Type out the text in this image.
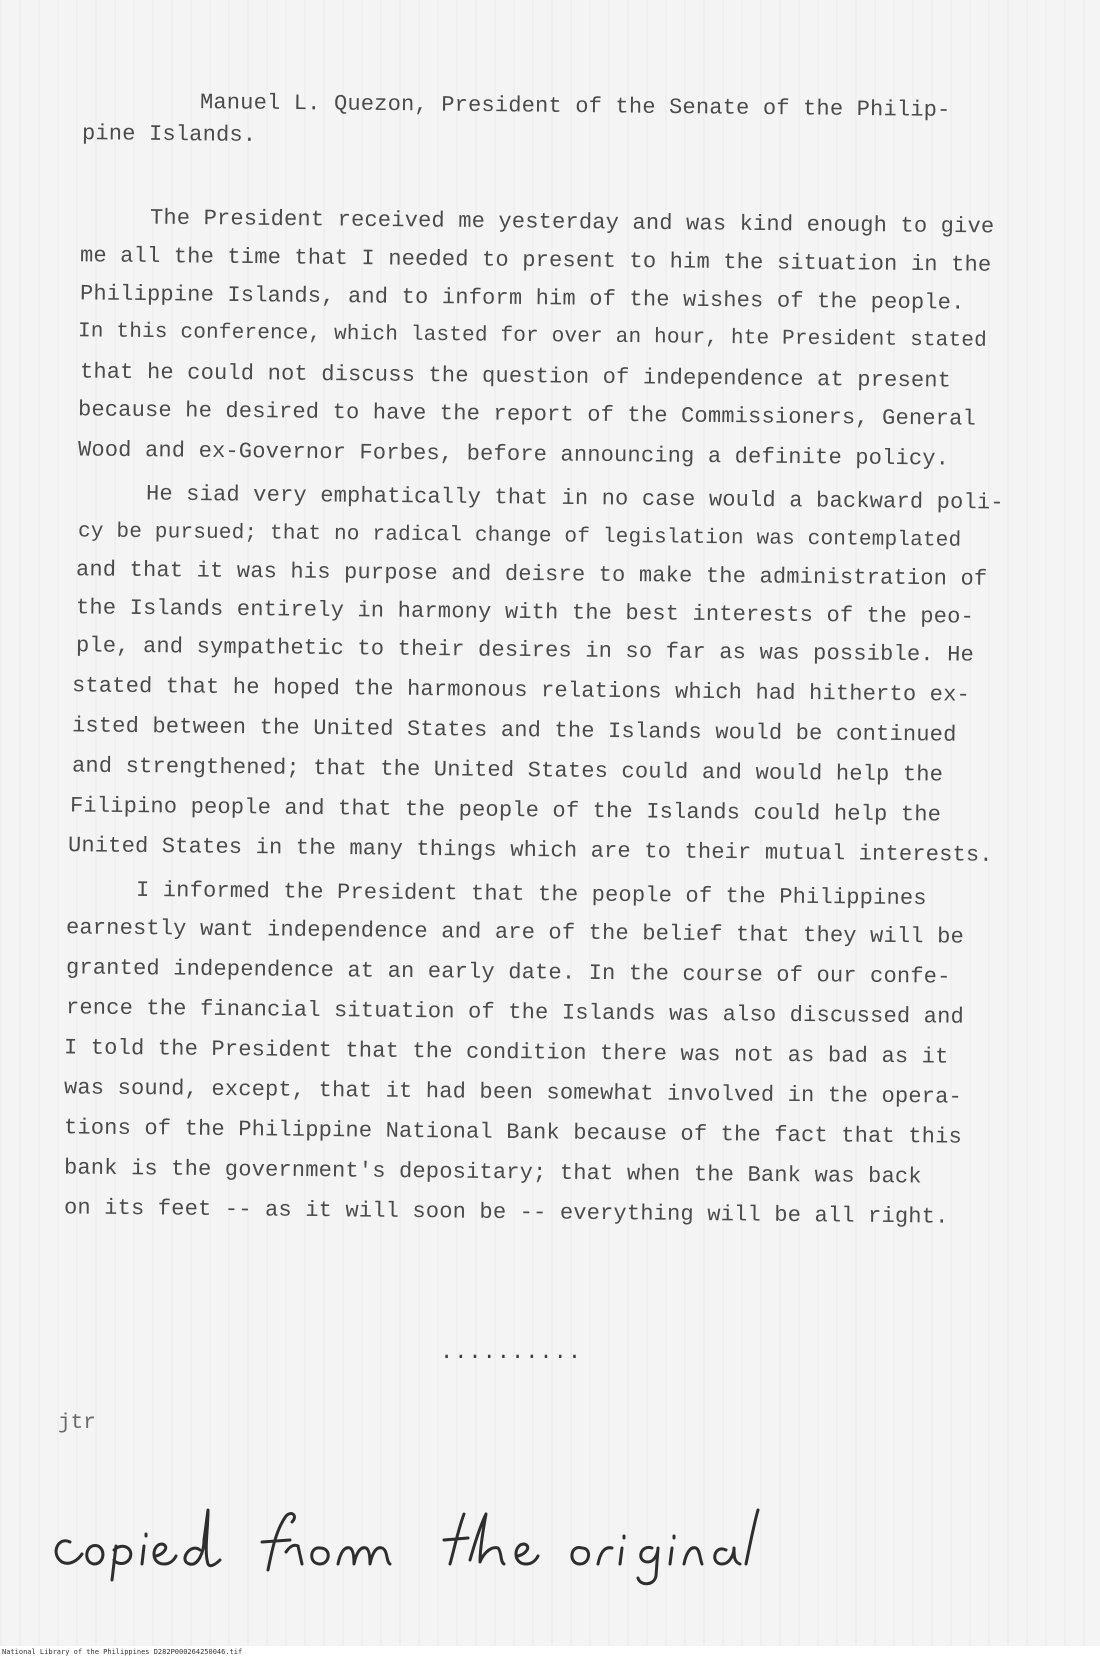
Manuel L. Quezon, President of the Senate of the Philip-
pine Islands.
The President received me yesterday and was kind enough to give
me all the time that I needed to present to him the situation in the
Philippine Islands, and to inform him of the wishes of the people.
In this conference, which lasted for over an hour, hte President stated
that he could not discuss the question of independence at present
because he desired to have the report of the Commissioners, General
Wood and ex-Governor Forbes, before announcing a definite policy.
He siad very emphatically that in no case would a backward poli-
cy be pursued; that no radical change of legislation was contemplated
and that it was his purpose and deisre to make the administration of
the Islands entirely in harmony with the best interests of the peo-
ple, and sympathetic to their desires in so far as was possible. He
stated that he hoped the harmonous relations which had hitherto ex-
isted between the United States and the Islands would be continued
and strengthened; that the United States could and would help the
Filipino people and that the people of the Islands could help the
United States in the many things which are to their mutual interests.
I informed the President that the people of the Philippines
earnestly want independence and are of the belief that they will be
granted independence at an early date. In the course of our confe-
rence the financial situation of the Islands was also discussed and
I told the President that the condition there was not as bad as it
was sound, except, that it had been somewhat involved in the opera-
tions of the Philippine National Bank because of the fact that this
bank is the government's depositary; that when the Bank was back
on its feet -- as it will soon be -- everything will be all right.
..........
jtr
National Library of the Philippines D282P000264250046.tif
